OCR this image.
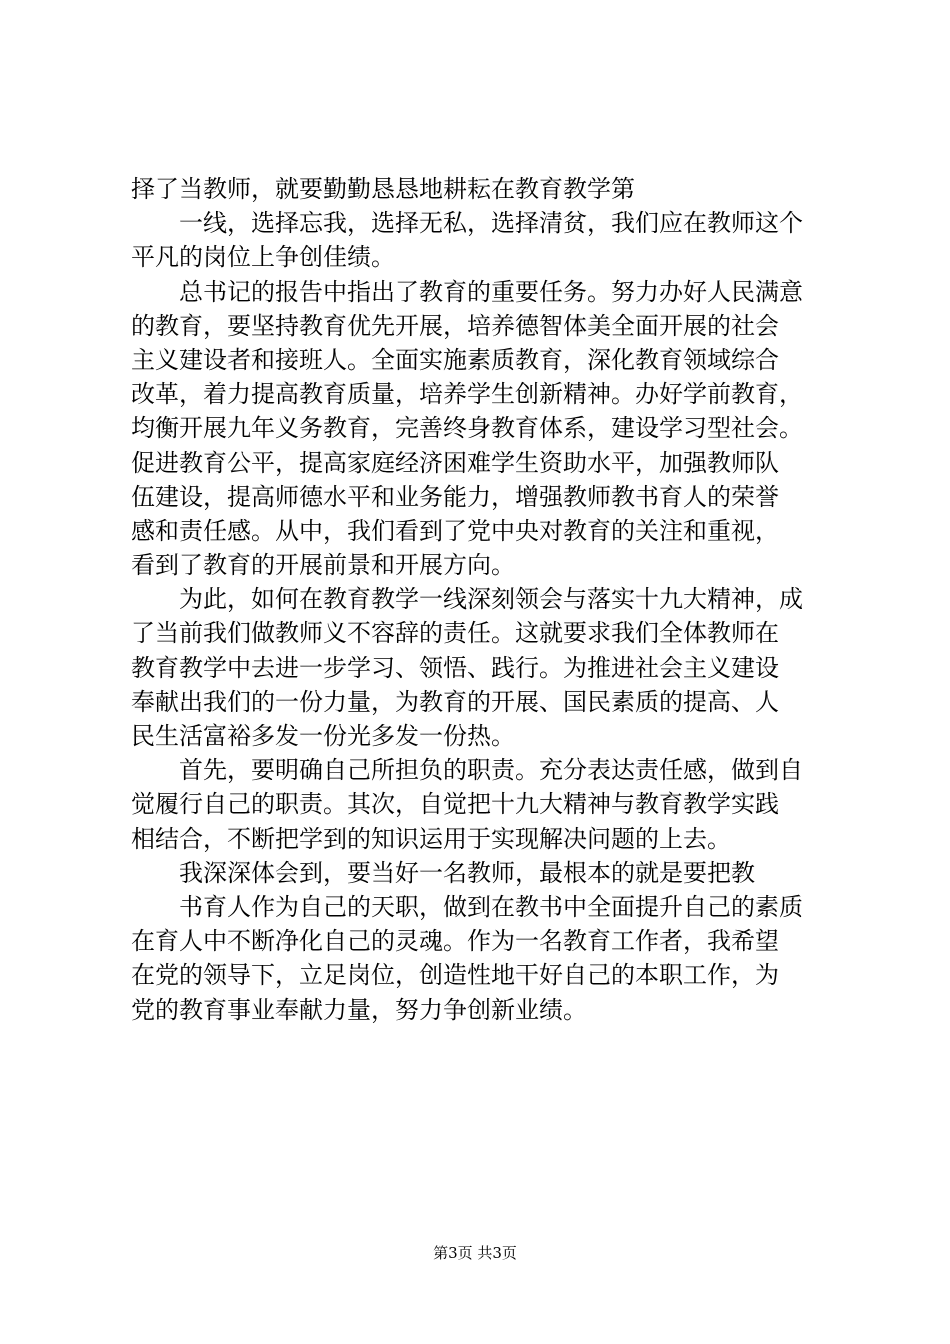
择了当教师，就要勤勤恳恳地耕耘在教育教学第
一线，选择忘我，选择无私，选择清贫，我们应在教师这个
平凡的岗位上争创佳绩。
总书记的报告中指出了教育的重要任务。努力办好人民满意
的教育，要坚持教育优先开展，培养德智体美全面开展的社会
主义建设者和接班人。全面实施素质教育，深化教育领域综合
改革，着力提高教育质量，培养学生创新精神。办好学前教育，
均衡开展九年义务教育，完善终身教育体系，建设学习型社会。
促进教育公平，提高家庭经济困难学生资助水平，加强教师队
伍建设，提高师德水平和业务能力，增强教师教书育人的荣誉
感和责任感。从中，我们看到了党中央对教育的关注和重视，
看到了教育的开展前景和开展方向。
为此，如何在教育教学一线深刻领会与落实十九大精神，成
了当前我们做教师义不容辞的责任。这就要求我们全体教师在
教育教学中去进一步学习、领悟、践行。为推进社会主义建设
奉献出我们的一份力量，为教育的开展、国民素质的提高、人
民生活富裕多发一份光多发一份热。
首先，要明确自己所担负的职责。充分表达责任感，做到自
觉履行自己的职责。其次，自觉把十九大精神与教育教学实践
相结合，不断把学到的知识运用于实现解决问题的上去。
我深深体会到，要当好一名教师，最根本的就是要把教
书育人作为自己的天职，做到在教书中全面提升自己的素质
在育人中不断净化自己的灵魂。作为一名教育工作者，我希望
在党的领导下，立足岗位，创造性地干好自己的本职工作，为
党的教育事业奉献力量，努力争创新业绩。
第3页 共3页
